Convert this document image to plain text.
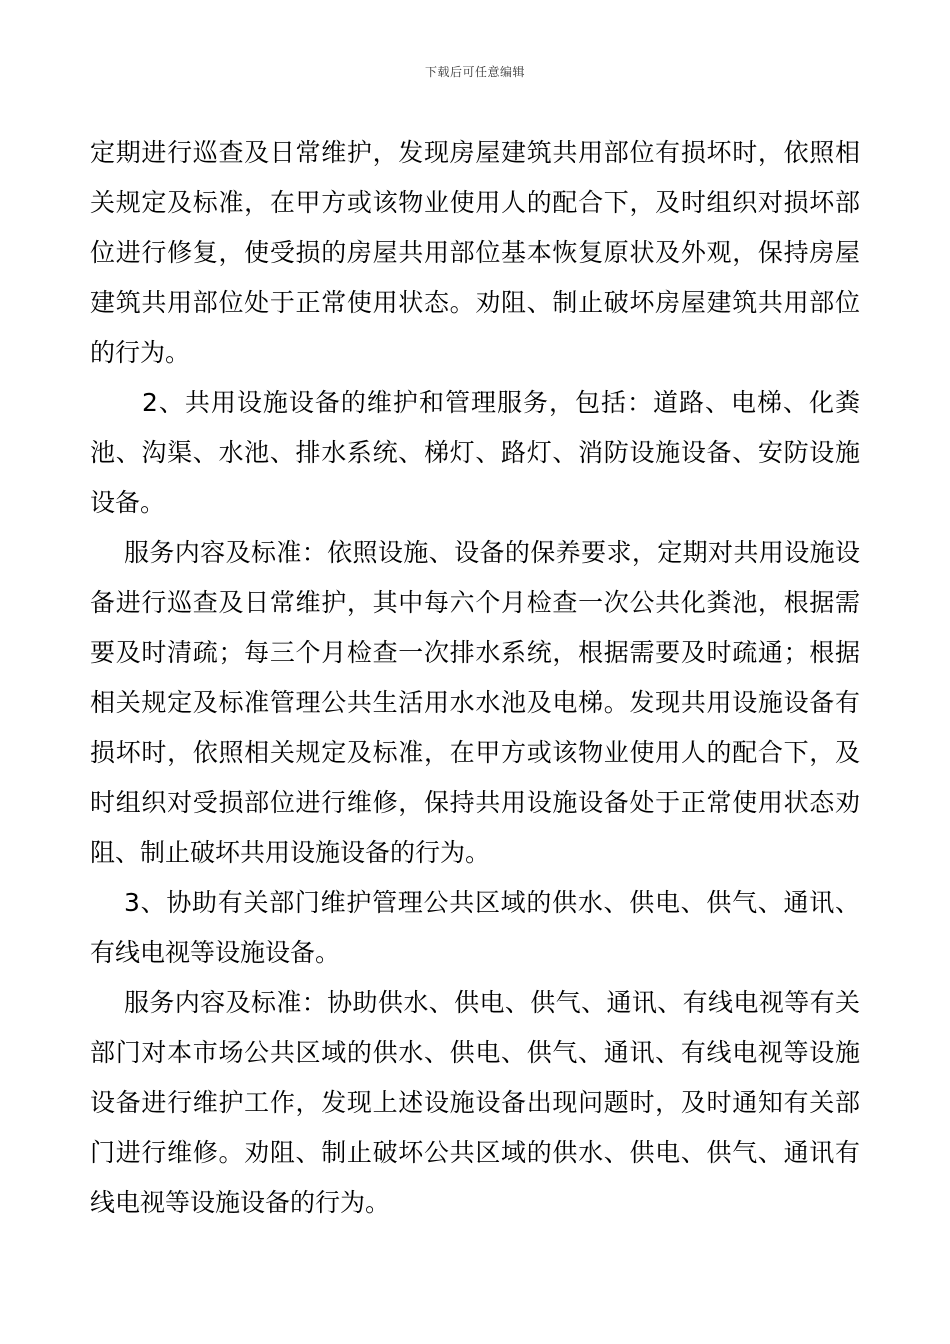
下载后可任意编辑

定期进行巡查及日常维护，发现房屋建筑共用部位有损坏时，依照相关规定及标准，在甲方或该物业使用人的配合下，及时组织对损坏部位进行修复，使受损的房屋共用部位基本恢复原状及外观，保持房屋建筑共用部位处于正常使用状态。劝阻、制止破坏房屋建筑共用部位的行为。

2、共用设施设备的维护和管理服务，包括：道路、电梯、化粪池、沟渠、水池、排水系统、梯灯、路灯、消防设施设备、安防设施设备。

服务内容及标准：依照设施、设备的保养要求，定期对共用设施设备进行巡查及日常维护，其中每六个月检查一次公共化粪池，根据需要及时清疏；每三个月检查一次排水系统，根据需要及时疏通；根据相关规定及标准管理公共生活用水水池及电梯。发现共用设施设备有损坏时，依照相关规定及标准，在甲方或该物业使用人的配合下，及时组织对受损部位进行维修，保持共用设施设备处于正常使用状态劝阻、制止破坏共用设施设备的行为。

3、协助有关部门维护管理公共区域的供水、供电、供气、通讯、有线电视等设施设备。

服务内容及标准：协助供水、供电、供气、通讯、有线电视等有关部门对本市场公共区域的供水、供电、供气、通讯、有线电视等设施设备进行维护工作，发现上述设施设备出现问题时，及时通知有关部门进行维修。劝阻、制止破坏公共区域的供水、供电、供气、通讯有线电视等设施设备的行为。
